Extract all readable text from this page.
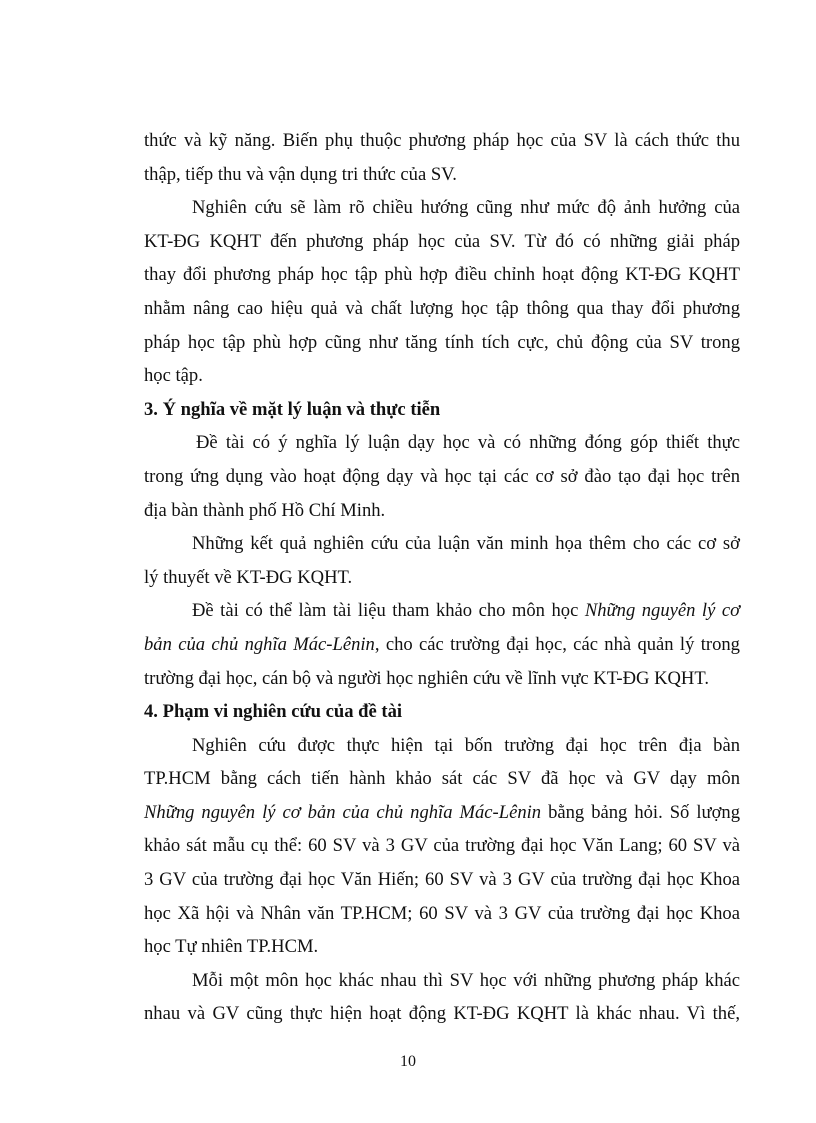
thức và kỹ năng. Biến phụ thuộc phương pháp học của SV là cách thức thu
thập, tiếp thu và vận dụng tri thức của SV.
Nghiên cứu sẽ làm rõ chiều hướng cũng như mức độ ảnh hưởng của
KT-ĐG KQHT đến phương pháp học của SV. Từ đó có những giải pháp
thay đổi phương pháp học tập phù hợp điều chỉnh hoạt động KT-ĐG KQHT
nhằm nâng cao hiệu quả và chất lượng học tập thông qua thay đổi phương
pháp học tập phù hợp cũng như tăng tính tích cực, chủ động của SV trong
học tập.
3. Ý nghĩa về mặt lý luận và thực tiễn
Đề tài có ý nghĩa lý luận dạy học và có những đóng góp thiết thực
trong ứng dụng vào hoạt động dạy và học tại các cơ sở đào tạo đại học trên
địa bàn thành phố Hồ Chí Minh.
Những kết quả nghiên cứu của luận văn minh họa thêm cho các cơ sở
lý thuyết về KT-ĐG KQHT.
Đề tài có thể làm tài liệu tham khảo cho môn học Những nguyên lý cơ
bản của chủ nghĩa Mác-Lênin, cho các trường đại học, các nhà quản lý trong
trường đại học, cán bộ và người học nghiên cứu về lĩnh vực KT-ĐG KQHT.
4. Phạm vi nghiên cứu của đề tài
Nghiên cứu được thực hiện tại bốn trường đại học trên địa bàn
TP.HCM bằng cách tiến hành khảo sát các SV đã học và GV dạy môn
Những nguyên lý cơ bản của chủ nghĩa Mác-Lênin bằng bảng hỏi. Số lượng
khảo sát mẫu cụ thể: 60 SV và 3 GV của trường đại học Văn Lang; 60 SV và
3 GV của trường đại học Văn Hiến; 60 SV và 3 GV của trường đại học Khoa
học Xã hội và Nhân văn TP.HCM; 60 SV và 3 GV của trường đại học Khoa
học Tự nhiên TP.HCM.
Mỗi một môn học khác nhau thì SV học với những phương pháp khác
nhau và GV cũng thực hiện hoạt động KT-ĐG KQHT là khác nhau. Vì thế,
10
